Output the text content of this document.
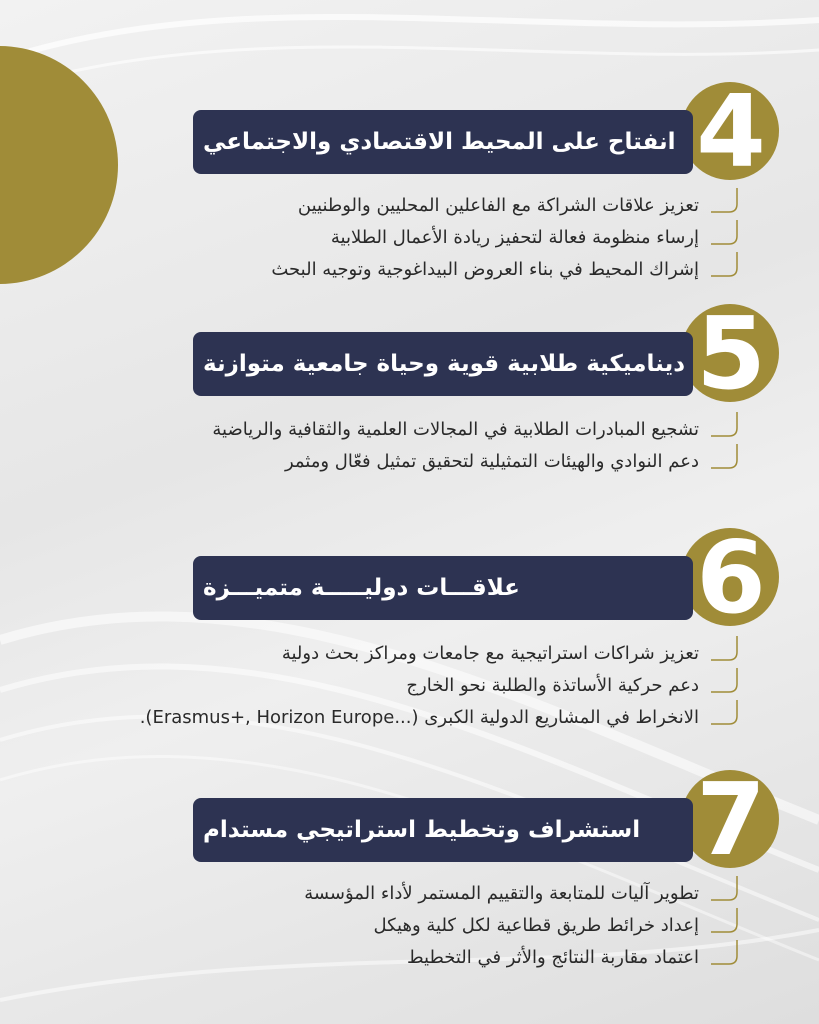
4
انفتاح على المحيط الاقتصادي والاجتماعي
تعزيز علاقات الشراكة مع الفاعلين المحليين والوطنيين
إرساء منظومة فعالة لتحفيز ريادة الأعمال الطلابية
إشراك المحيط في بناء العروض البيداغوجية وتوجيه البحث
5
ديناميكية طلابية قوية وحياة جامعية متوازنة
تشجيع المبادرات الطلابية في المجالات العلمية والثقافية والرياضية
دعم النوادي والهيئات التمثيلية لتحقيق تمثيل فعّال ومثمر
6
علاقـــات دوليـــــة متميـــزة
تعزيز شراكات استراتيجية مع جامعات ومراكز بحث دولية
دعم حركية الأساتذة والطلبة نحو الخارج
الانخراط في المشاريع الدولية الكبرى (...Erasmus+, Horizon Europe).
7
استشراف وتخطيط استراتيجي مستدام
تطوير آليات للمتابعة والتقييم المستمر لأداء المؤسسة
إعداد خرائط طريق قطاعية لكل كلية وهيكل
اعتماد مقاربة النتائج والأثر في التخطيط
